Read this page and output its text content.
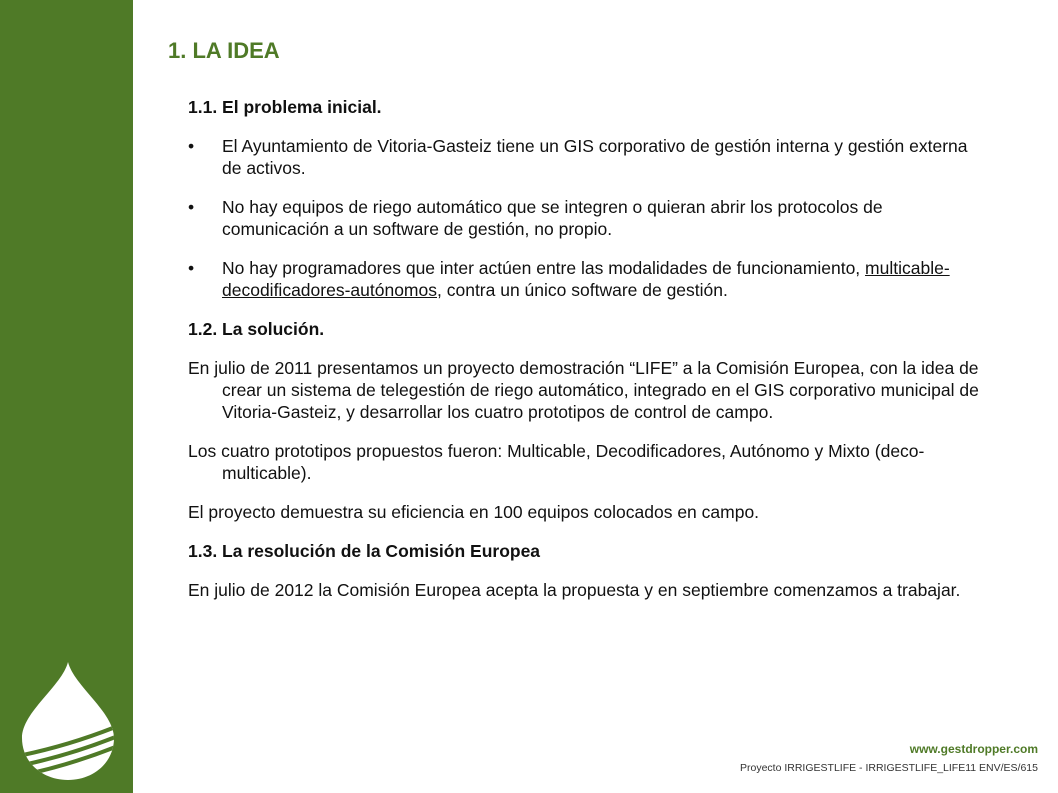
1. LA IDEA

1.1. El problema inicial.

• El Ayuntamiento de Vitoria-Gasteiz tiene un GIS corporativo de gestión interna y gestión externa de activos.
• No hay equipos de riego automático que se integren o quieran abrir los protocolos de comunicación a un software de gestión, no propio.
• No hay programadores que inter actúen entre las modalidades de funcionamiento, multicable-decodificadores-autónomos, contra un único software de gestión.

1.2. La solución.

En julio de 2011 presentamos un proyecto demostración “LIFE” a la Comisión Europea, con la idea de crear un sistema de telegestión de riego automático, integrado en el GIS corporativo municipal de Vitoria-Gasteiz, y desarrollar los cuatro prototipos de control de campo.

Los cuatro prototipos propuestos fueron: Multicable, Decodificadores, Autónomo y Mixto (deco-multicable).

El proyecto demuestra su eficiencia en 100 equipos colocados en campo.

1.3. La resolución de la Comisión Europea

En julio de 2012 la Comisión Europea acepta la propuesta y en septiembre comenzamos a trabajar.

www.gestdropper.com
Proyecto IRRIGESTLIFE - IRRIGESTLIFE_LIFE11 ENV/ES/615
